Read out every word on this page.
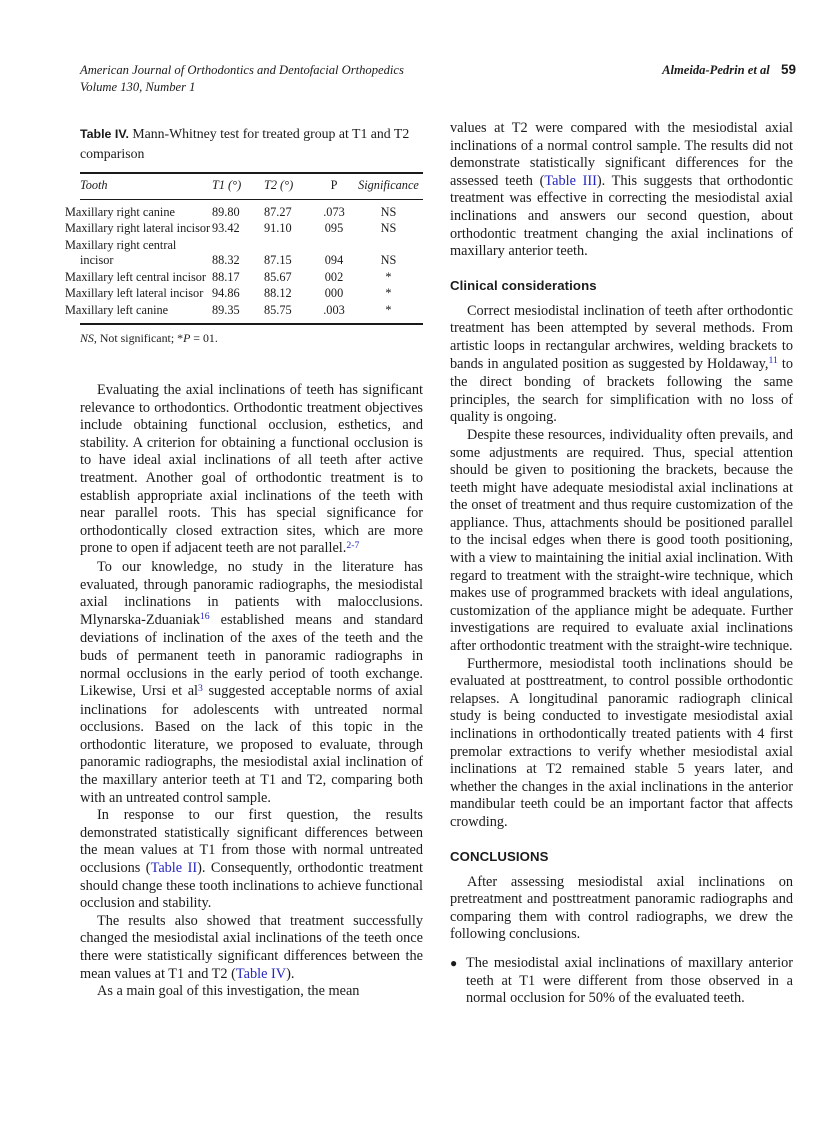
American Journal of Orthodontics and Dentofacial Orthopedics
Volume 130, Number 1
Almeida-Pedrin et al 59
Table IV. Mann-Whitney test for treated group at T1 and T2 comparison
Tooth	T1 (°)	T2 (°)	P	Significance
Maxillary right canine	89.80	87.27	.073	NS
Maxillary right lateral incisor	93.42	91.10	095	NS
Maxillary right central incisor	88.32	87.15	094	NS
Maxillary left central incisor	88.17	85.67	002	*
Maxillary left lateral incisor	94.86	88.12	000	*
Maxillary left canine	89.35	85.75	.003	*
NS, Not significant; *P = 01.

Evaluating the axial inclinations of teeth has significant relevance to orthodontics. Orthodontic treatment objectives include obtaining functional occlusion, esthetics, and stability. A criterion for obtaining a functional occlusion is to have ideal axial inclinations of all teeth after active treatment. Another goal of orthodontic treatment is to establish appropriate axial inclinations of the teeth with near parallel roots. This has special significance for orthodontically closed extraction sites, which are more prone to open if adjacent teeth are not parallel.$^{2-7}$

To our knowledge, no study in the literature has evaluated, through panoramic radiographs, the mesiodistal axial inclinations in patients with malocclusions. Mlynarska-Zduaniak$^{16}$ established means and standard deviations of inclination of the axes of the teeth and the buds of permanent teeth in panoramic radiographs in normal occlusions in the early period of tooth exchange. Likewise, Ursi et $al^3$ suggested acceptable norms of axial inclinations for adolescents with untreated normal occlusions. Based on the lack of this topic in the orthodontic literature, we proposed to evaluate, through panoramic radiographs, the mesiodistal axial inclination of the maxillary anterior teeth at T1 and T2, comparing both with an untreated control sample.

In response to our first question, the results demonstrated statistically significant differences between the mean values at T1 from those with normal untreated occlusions (Table II). Consequently, orthodontic treatment should change these tooth inclinations to achieve functional occlusion and stability.

The results also showed that treatment successfully changed the mesiodistal axial inclinations of the teeth once there were statistically significant differences between the mean values at T1 and T2 (Table IV).

As a main goal of this investigation, the mean

values at T2 were compared with the mesiodistal axial inclinations of a normal control sample. The results did not demonstrate statistically significant differences for the assessed teeth (Table III). This suggests that orthodontic treatment was effective in correcting the mesiodistal axial inclinations and answers our second question, about orthodontic treatment changing the axial inclinations of maxillary anterior teeth.

Clinical considerations

Correct mesiodistal inclination of teeth after orthodontic treatment has been attempted by several methods. From artistic loops in rectangular archwires, welding brackets to bands in angulated position as suggested by Holdaway,$^{11}$ to the direct bonding of brackets following the same principles, the search for simplification with no loss of quality is ongoing.

Despite these resources, individuality often prevails, and some adjustments are required. Thus, special attention should be given to positioning the brackets, because the teeth might have adequate mesiodistal axial inclinations at the onset of treatment and thus require customization of the appliance. Thus, attachments should be positioned parallel to the incisal edges when there is good tooth positioning, with a view to maintaining the initial axial inclination. With regard to treatment with the straight-wire technique, which makes use of programmed brackets with ideal angulations, customization of the appliance might be adequate. Further investigations are required to evaluate axial inclinations after orthodontic treatment with the straight-wire technique.

Furthermore, mesiodistal tooth inclinations should be evaluated at posttreatment, to control possible orthodontic relapses. A longitudinal panoramic radiograph clinical study is being conducted to investigate mesiodistal axial inclinations in orthodontically treated patients with 4 first premolar extractions to verify whether mesiodistal axial inclinations at T2 remained stable 5 years later, and whether the changes in the axial inclinations in the anterior mandibular teeth could be an important factor that affects crowding.

CONCLUSIONS

After assessing mesiodistal axial inclinations on pretreatment and posttreatment panoramic radiographs and comparing them with control radiographs, we drew the following conclusions.

● The mesiodistal axial inclinations of maxillary anterior teeth at T1 were different from those observed in a normal occlusion for 50% of the evaluated teeth.
